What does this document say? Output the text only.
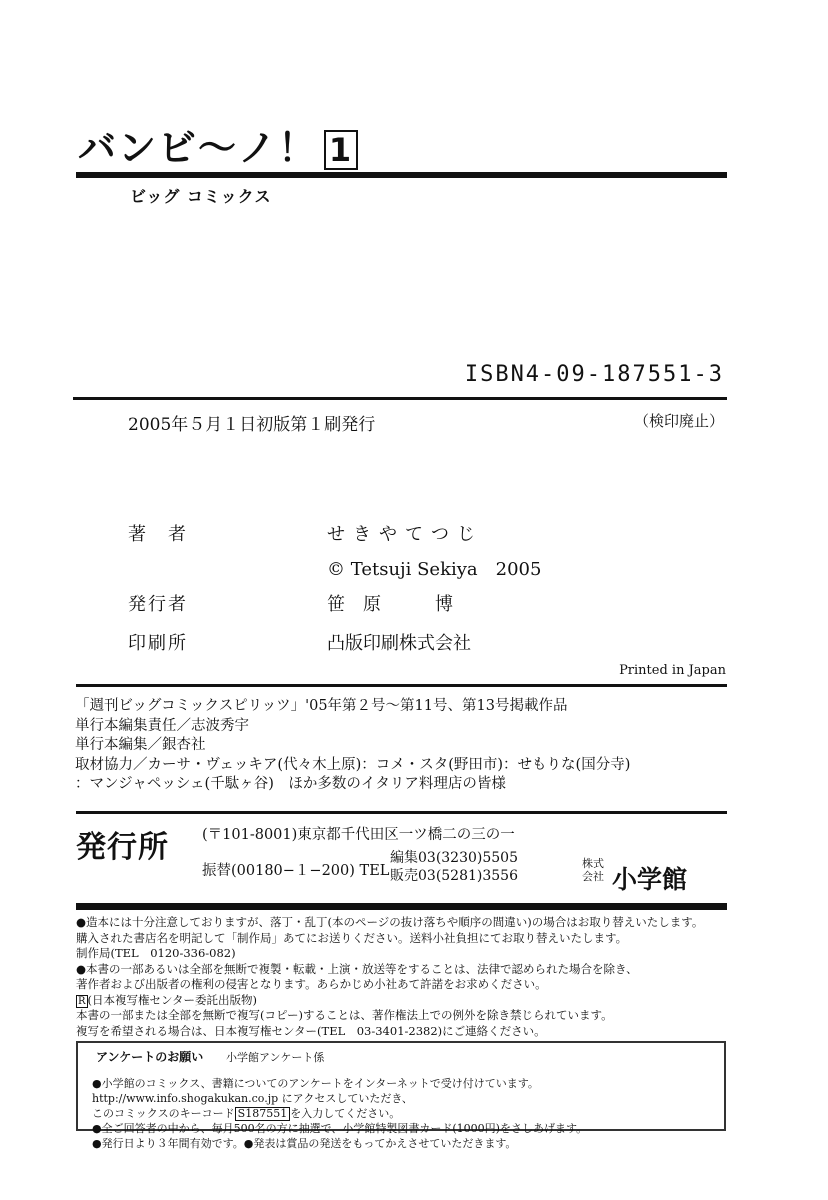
バンビ〜ノ！ 1
ビッグ コミックス
ISBN4-09-187551-3
2005年５月１日初版第１刷発行	（検印廃止）
著　者	せきやてつじ
© Tetsuji Sekiya　2005
発行者	笹　原　　　博
印刷所	凸版印刷株式会社
Printed in Japan
「週刊ビッグコミックスピリッツ」'05年第２号〜第11号、第13号掲載作品
単行本編集責任／志波秀宇
単行本編集／銀杏社
取材協力／カーサ・ヴェッキア(代々木上原)：コメ・スタ(野田市)：せもりな(国分寺)
：マンジャペッシェ(千駄ヶ谷)　ほか多数のイタリア料理店の皆様
発行所 (〒101-8001)東京都千代田区一ツ橋二の三の一
振替(00180−１−200) TEL
編集03(3230)5505
販売03(5281)3556
株式
会社 小学館
●造本には十分注意しておりますが、落丁・乱丁(本のページの抜け落ちや順序の間違い)の場合はお取り替えいたします。
購入された書店名を明記して「制作局」あてにお送りください。送料小社負担にてお取り替えいたします。
制作局(TEL　0120-336-082)
●本書の一部あるいは全部を無断で複製・転載・上演・放送等をすることは、法律で認められた場合を除き、
著作者および出版者の権利の侵害となります。あらかじめ小社あて許諾をお求めください。
R (日本複写権センター委託出版物)
本書の一部または全部を無断で複写(コピー)することは、著作権法上での例外を除き禁じられています。
複写を希望される場合は、日本複写権センター(TEL　03-3401-2382)にご連絡ください。
アンケートのお願い 小学館アンケート係
●小学館のコミックス、書籍についてのアンケートをインターネットで受け付けています。
http://www.info.shogakukan.co.jp にアクセスしていただき、
このコミックスのキーコード S187551 を入力してください。
●全ご回答者の中から、毎月500名の方に抽選で、小学館特製図書カード(1000円)をさしあげます。
●発行日より３年間有効です。●発表は賞品の発送をもってかえさせていただきます。
